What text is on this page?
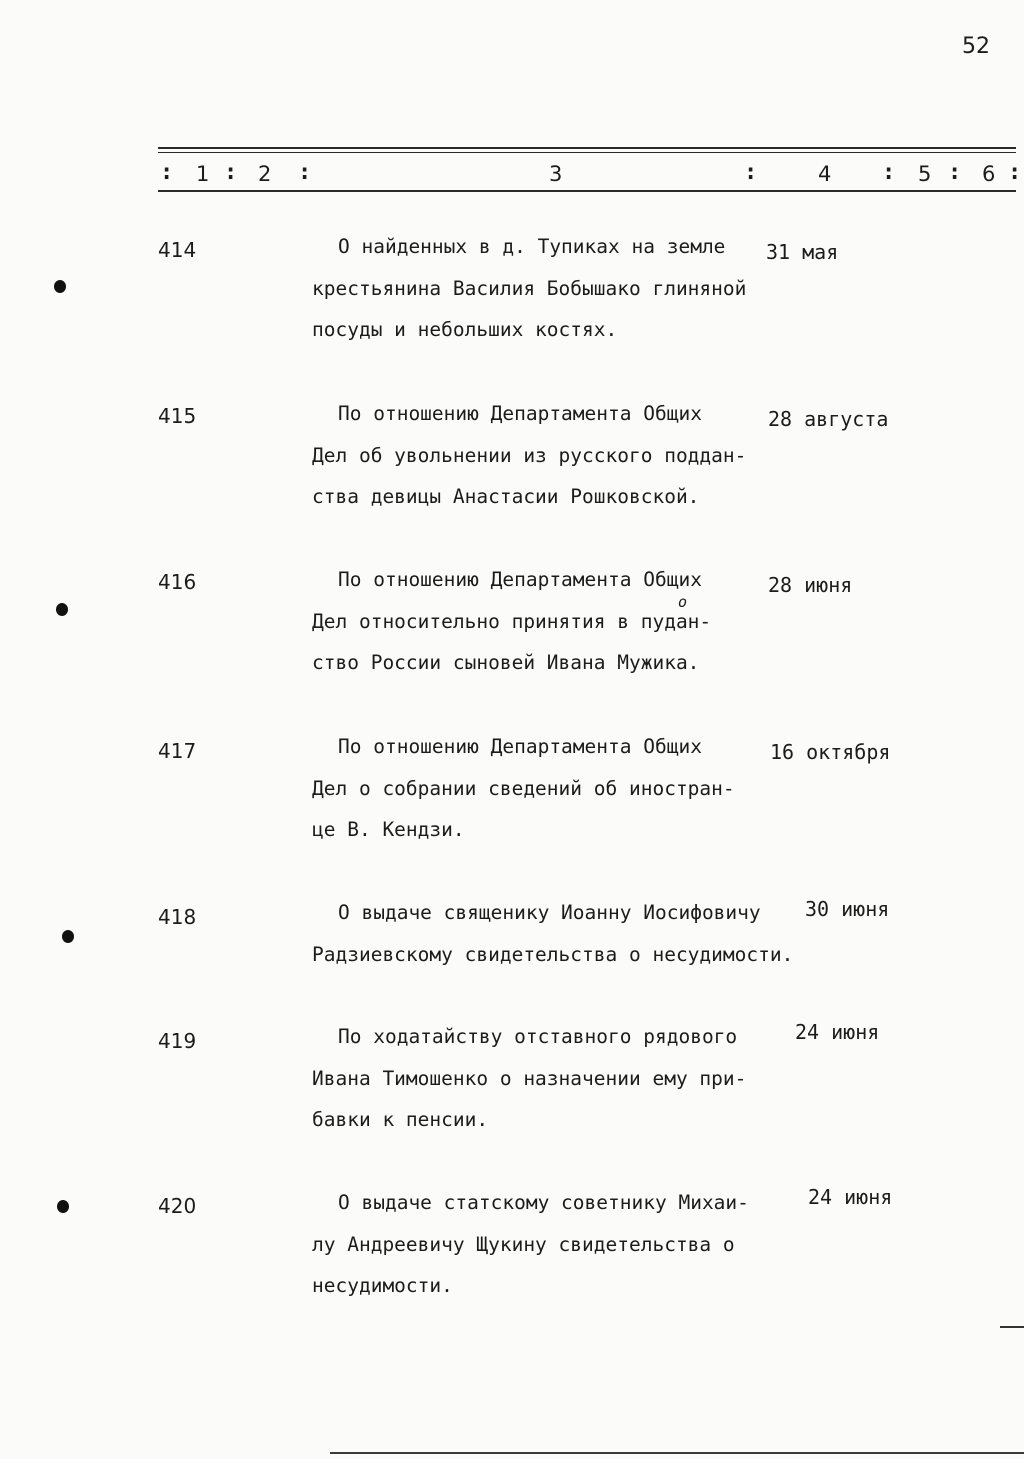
52
: 1 : 2 :	3	:	4 : 5 : 6 :
414	О найденных в д. Тупиках на земле
крестьянина Василия Бобышако глиняной
посуды и небольших костях.
31 мая
415	По отношению Департамента Общих
Дел об увольнении из русского поддан-
ства девицы Анастасии Рошковской.
28 августа
416	По отношению Департамента Общих
Дел относительно принятия в пудан-
ство России сыновей Ивана Мужика.
о
28 июня
417	По отношению Департамента Общих
Дел о собрании сведений об иностран-
це В. Кендзи.
16 октября
418	О выдаче священику Иоанну Иосифовичу
Радзиевскому свидетельства о несудимости.
30 июня
419	По ходатайству отставного рядового
Ивана Тимошенко о назначении ему при-
бавки к пенсии.
24 июня
420	О выдаче статскому советнику Михаи-
лу Андреевичу Щукину свидетельства о
несудимости.
24 июня
